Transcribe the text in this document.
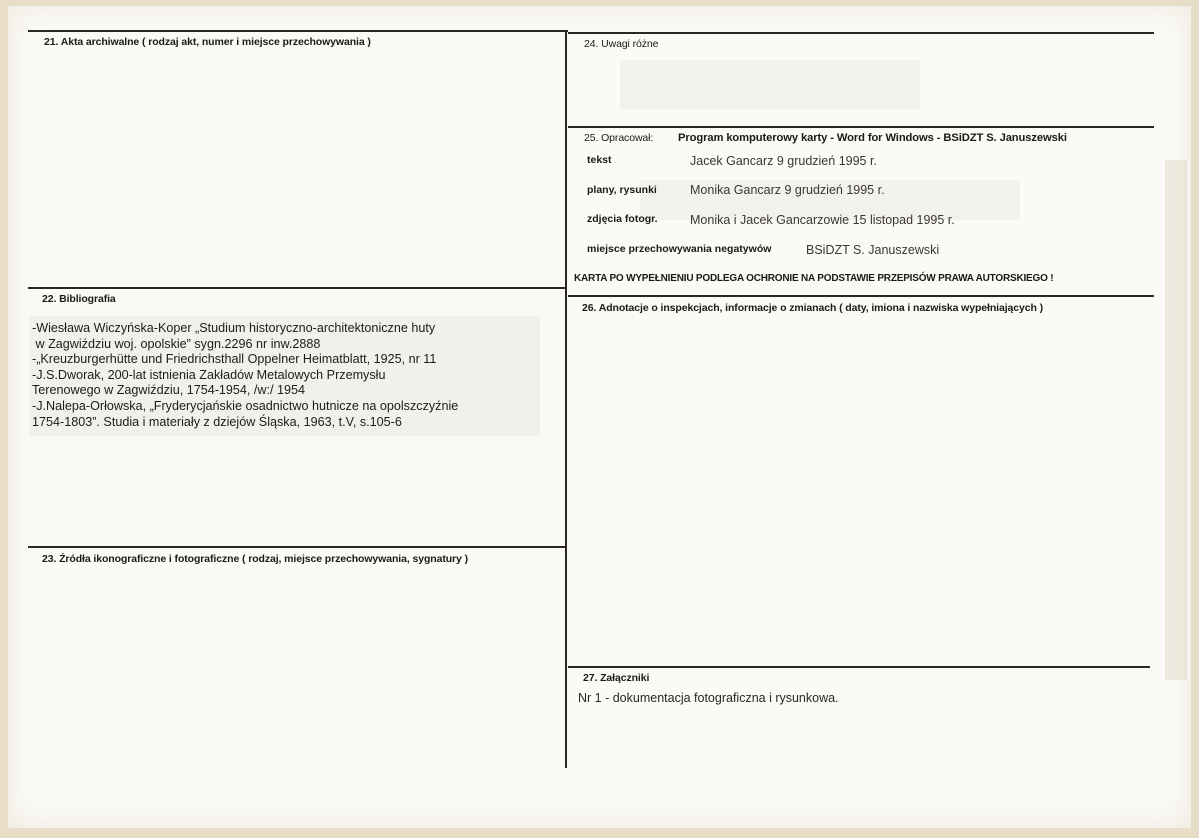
21. Akta archiwalne ( rodzaj akt, numer i miejsce przechowywania )
22. Bibliografia
-Wiesława Wiczyńska-Koper „Studium historyczno-architektoniczne huty
w Zagwiździu woj. opolskie” sygn.2296 nr inw.2888
-„Kreuzburgerhütte und Friedrichsthall Oppelner Heimatblatt, 1925, nr 11
-J.S.Dworak, 200-lat istnienia Zakładów Metalowych Przemysłu
Terenowego w Zagwiździu, 1754-1954, /w:/ 1954
-J.Nalepa-Orłowska, „Fryderycjańskie osadnictwo hutnicze na opolszczyźnie
1754-1803”. Studia i materiały z dziejów Śląska, 1963, t.V, s.105-6
23. Źródła ikonograficzne i fotograficzne ( rodzaj, miejsce przechowywania, sygnatury )
24. Uwagi różne
25. Opracował: Program komputerowy karty - Word for Windows - BSiDZT S. Januszewski
tekst	Jacek Gancarz 9 grudzień 1995 r.
plany, rysunki	Monika Gancarz 9 grudzień 1995 r.
zdjęcia fotogr.	Monika i Jacek Gancarzowie 15 listopad 1995 r.
miejsce przechowywania negatywów	BSiDZT S. Januszewski
KARTA PO WYPEŁNIENIU PODLEGA OCHRONIE NA PODSTAWIE PRZEPISÓW PRAWA AUTORSKIEGO !
26. Adnotacje o inspekcjach, informacje o zmianach ( daty, imiona i nazwiska wypełniających )
27. Załączniki
Nr 1 - dokumentacja fotograficzna i rysunkowa.
